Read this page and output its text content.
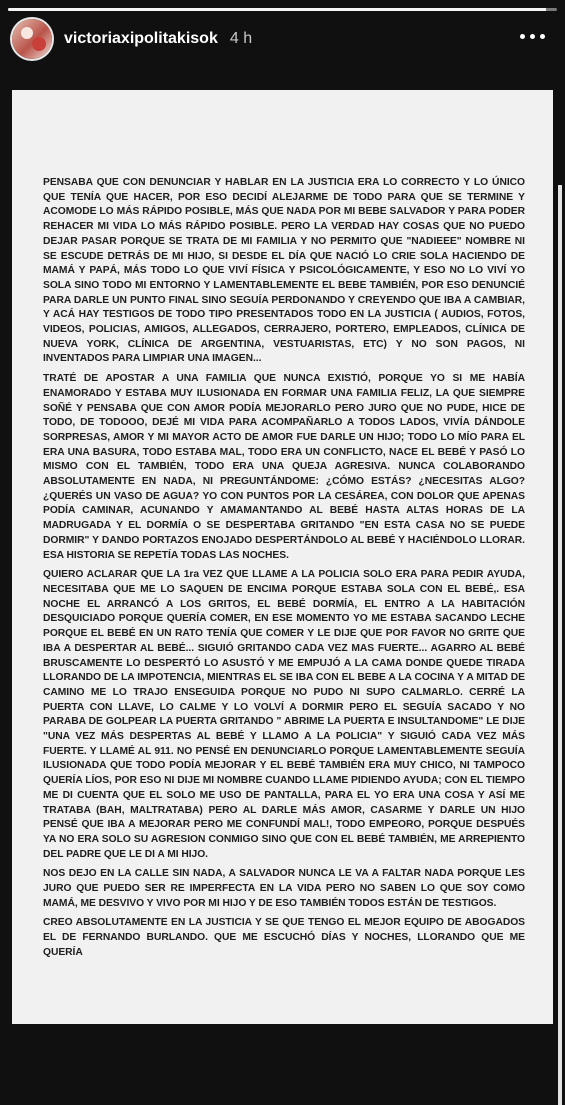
victoriaxipolitakisok 4 h

PENSABA QUE CON DENUNCIAR Y HABLAR EN LA JUSTICIA ERA LO CORRECTO Y LO ÚNICO QUE TENÍA QUE HACER, POR ESO DECIDÍ ALEJARME DE TODO PARA QUE SE TERMINE Y ACOMODE LO MÁS RÁPIDO POSIBLE, MÁS QUE NADA POR MI BEBE SALVADOR Y PARA PODER REHACER MI VIDA LO MÁS RÁPIDO POSIBLE. PERO LA VERDAD HAY COSAS QUE NO PUEDO DEJAR PASAR PORQUE SE TRATA DE MI FAMILIA Y NO PERMITO QUE "NADIEEE" NOMBRE NI SE ESCUDE DETRÁS DE MI HIJO, SI DESDE EL DÍA QUE NACIÓ LO CRIE SOLA HACIENDO DE MAMÁ Y PAPÁ, MÁS TODO LO QUE VIVÍ FÍSICA Y PSICOLÓGICAMENTE, Y ESO NO LO VIVÍ YO SOLA SINO TODO MI ENTORNO Y LAMENTABLEMENTE EL BEBE TAMBIÉN, POR ESO DENUNCIÉ PARA DARLE UN PUNTO FINAL SINO SEGUÍA PERDONANDO Y CREYENDO QUE IBA A CAMBIAR, Y ACÁ HAY TESTIGOS DE TODO TIPO PRESENTADOS TODO EN LA JUSTICIA ( AUDIOS, FOTOS, VIDEOS, POLICIAS, AMIGOS, ALLEGADOS, CERRAJERO, PORTERO, EMPLEADOS, CLÍNICA DE NUEVA YORK, CLÍNICA DE ARGENTINA, VESTUARISTAS, ETC) Y NO SON PAGOS, NI INVENTADOS PARA LIMPIAR UNA IMAGEN...

TRATÉ DE APOSTAR A UNA FAMILIA QUE NUNCA EXISTIÓ, PORQUE YO SI ME HABÍA ENAMORADO Y ESTABA MUY ILUSIONADA EN FORMAR UNA FAMILIA FELIZ, LA QUE SIEMPRE SOÑÉ Y PENSABA QUE CON AMOR PODÍA MEJORARLO PERO JURO QUE NO PUDE, HICE DE TODO, DE TODOOO, DEJÉ MI VIDA PARA ACOMPAÑARLO A TODOS LADOS, VIVÍA DÁNDOLE SORPRESAS, AMOR Y MI MAYOR ACTO DE AMOR FUE DARLE UN HIJO; TODO LO MÍO PARA EL ERA UNA BASURA, TODO ESTABA MAL, TODO ERA UN CONFLICTO, NACE EL BEBÉ Y PASÓ LO MISMO CON EL TAMBIÉN, TODO ERA UNA QUEJA AGRESIVA. NUNCA COLABORANDO ABSOLUTAMENTE EN NADA, NI PREGUNTÁNDOME: ¿CÓMO ESTÁS? ¿NECESITAS ALGO? ¿QUERÉS UN VASO DE AGUA? YO CON PUNTOS POR LA CESÁREA, CON DOLOR QUE APENAS PODÍA CAMINAR, ACUNANDO Y AMAMANTANDO AL BEBÉ HASTA ALTAS HORAS DE LA MADRUGADA Y EL DORMÍA O SE DESPERTABA GRITANDO "EN ESTA CASA NO SE PUEDE DORMIR" Y DANDO PORTAZOS ENOJADO DESPERTÁNDOLO AL BEBÉ Y HACIÉNDOLO LLORAR. ESA HISTORIA SE REPETÍA TODAS LAS NOCHES.

QUIERO ACLARAR QUE LA 1ra VEZ QUE LLAME A LA POLICIA SOLO ERA PARA PEDIR AYUDA, NECESITABA QUE ME LO SAQUEN DE ENCIMA PORQUE ESTABA SOLA CON EL BEBÉ,. ESA NOCHE EL ARRANCÓ A LOS GRITOS, EL BEBÉ DORMÍA, EL ENTRO A LA HABITACIÓN DESQUICIADO PORQUE QUERÍA COMER, EN ESE MOMENTO YO ME ESTABA SACANDO LECHE PORQUE EL BEBÉ EN UN RATO TENÍA QUE COMER Y LE DIJE QUE POR FAVOR NO GRITE QUE IBA A DESPERTAR AL BEBÉ... SIGUIÓ GRITANDO CADA VEZ MAS FUERTE... AGARRO AL BEBÉ BRUSCAMENTE LO DESPERTÓ LO ASUSTÓ Y ME EMPUJÓ A LA CAMA DONDE QUEDE TIRADA LLORANDO DE LA IMPOTENCIA, MIENTRAS EL SE IBA CON EL BEBE A LA COCINA Y A MITAD DE CAMINO ME LO TRAJO ENSEGUIDA PORQUE NO PUDO NI SUPO CALMARLO. CERRÉ LA PUERTA CON LLAVE, LO CALME Y LO VOLVÍ A DORMIR PERO EL SEGUÍA SACADO Y NO PARABA DE GOLPEAR LA PUERTA GRITANDO " ABRIME LA PUERTA E INSULTANDOME" LE DIJE "UNA VEZ MÁS DESPERTAS AL BEBÉ Y LLAMO A LA POLICIA" Y SIGUIÓ CADA VEZ MÁS FUERTE. Y LLAMÉ AL 911. NO PENSÉ EN DENUNCIARLO PORQUE LAMENTABLEMENTE SEGUÍA ILUSIONADA QUE TODO PODÍA MEJORAR Y EL BEBÉ TAMBIÉN ERA MUY CHICO, NI TAMPOCO QUERÍA LÍOS, POR ESO NI DIJE MI NOMBRE CUANDO LLAME PIDIENDO AYUDA; CON EL TIEMPO ME DI CUENTA QUE EL SOLO ME USO DE PANTALLA, PARA EL YO ERA UNA COSA Y ASÍ ME TRATABA (BAH, MALTRATABA) PERO AL DARLE MÁS AMOR, CASARME Y DARLE UN HIJO PENSÉ QUE IBA A MEJORAR PERO ME CONFUNDÍ MAL!, TODO EMPEORO, PORQUE DESPUÉS YA NO ERA SOLO SU AGRESION CONMIGO SINO QUE CON EL BEBÉ TAMBIÉN, ME ARREPIENTO DEL PADRE QUE LE DI A MI HIJO.

NOS DEJO EN LA CALLE SIN NADA, A SALVADOR NUNCA LE VA A FALTAR NADA PORQUE LES JURO QUE PUEDO SER RE IMPERFECTA EN LA VIDA PERO NO SABEN LO QUE SOY COMO MAMÁ, ME DESVIVO Y VIVO POR MI HIJO Y DE ESO TAMBIÉN TODOS ESTÁN DE TESTIGOS.

CREO ABSOLUTAMENTE EN LA JUSTICIA Y SE QUE TENGO EL MEJOR EQUIPO DE ABOGADOS EL DE FERNANDO BURLANDO. QUE ME ESCUCHÓ DÍAS Y NOCHES, LLORANDO QUE ME QUERÍA
